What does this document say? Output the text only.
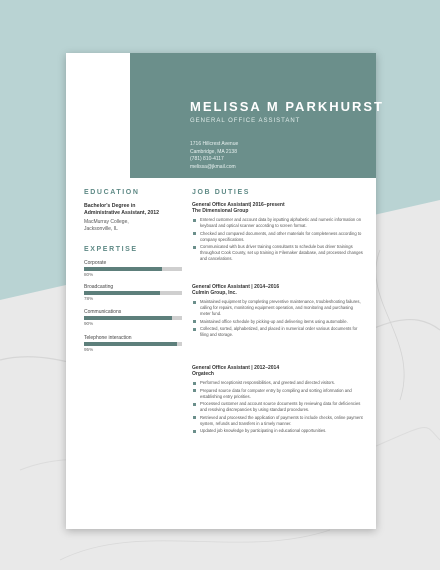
MELISSA M PARKHURST
GENERAL OFFICE ASSISTANT
1716 Hillcrest Avenue
Cambridge, MA 2138
(781) 810-4117
melissa@jkmail.com
EDUCATION
Bachelor's Degree in
Administrative Assistant, 2012
MacMurray College,
Jacksonville, IL
EXPERTISE
Corporate
80%
Broadcasting
78%
Communications
90%
Telephone interaction
95%
JOB DUTIES
General Office Assistant| 2016–present
The Dimensional Group
Entered customer and account data by inputting alphabetic and numeric information on keyboard and optical scanner according to screen format.
Checked and compared documents, and other materials for completeness according to company specifications.
Communicated with bus driver training consultants to schedule bus driver trainings throughout Cook County, set up training in Filemaker database, and processed changes and cancelations.
General Office Assistant | 2014–2016
Culmin Group, Inc.
Maintained equipment by completing preventive maintenance, troubleshooting failures, calling for repairs, monitoring equipment operation, and monitoring and purchasing meter fund.
Maintained office schedule by picking-up and delivering items using automobile.
Collected, sorted, alphabetized, and placed in numerical order various documents for filing and storage.
General Office Assistant | 2012–2014
Orgatech
Performed receptionist responsibilities, and greeted and directed visitors.
Prepared source data for computer entry by compiling and sorting information and establishing entry priorities.
Processed customer and account source documents by reviewing data for deficiencies and resolving discrepancies by using standard procedures.
Retrieved and processed the application of payments to include checks, online payment system, refunds and transfers in a timely manner.
Updated job knowledge by participating in educational opportunities.
